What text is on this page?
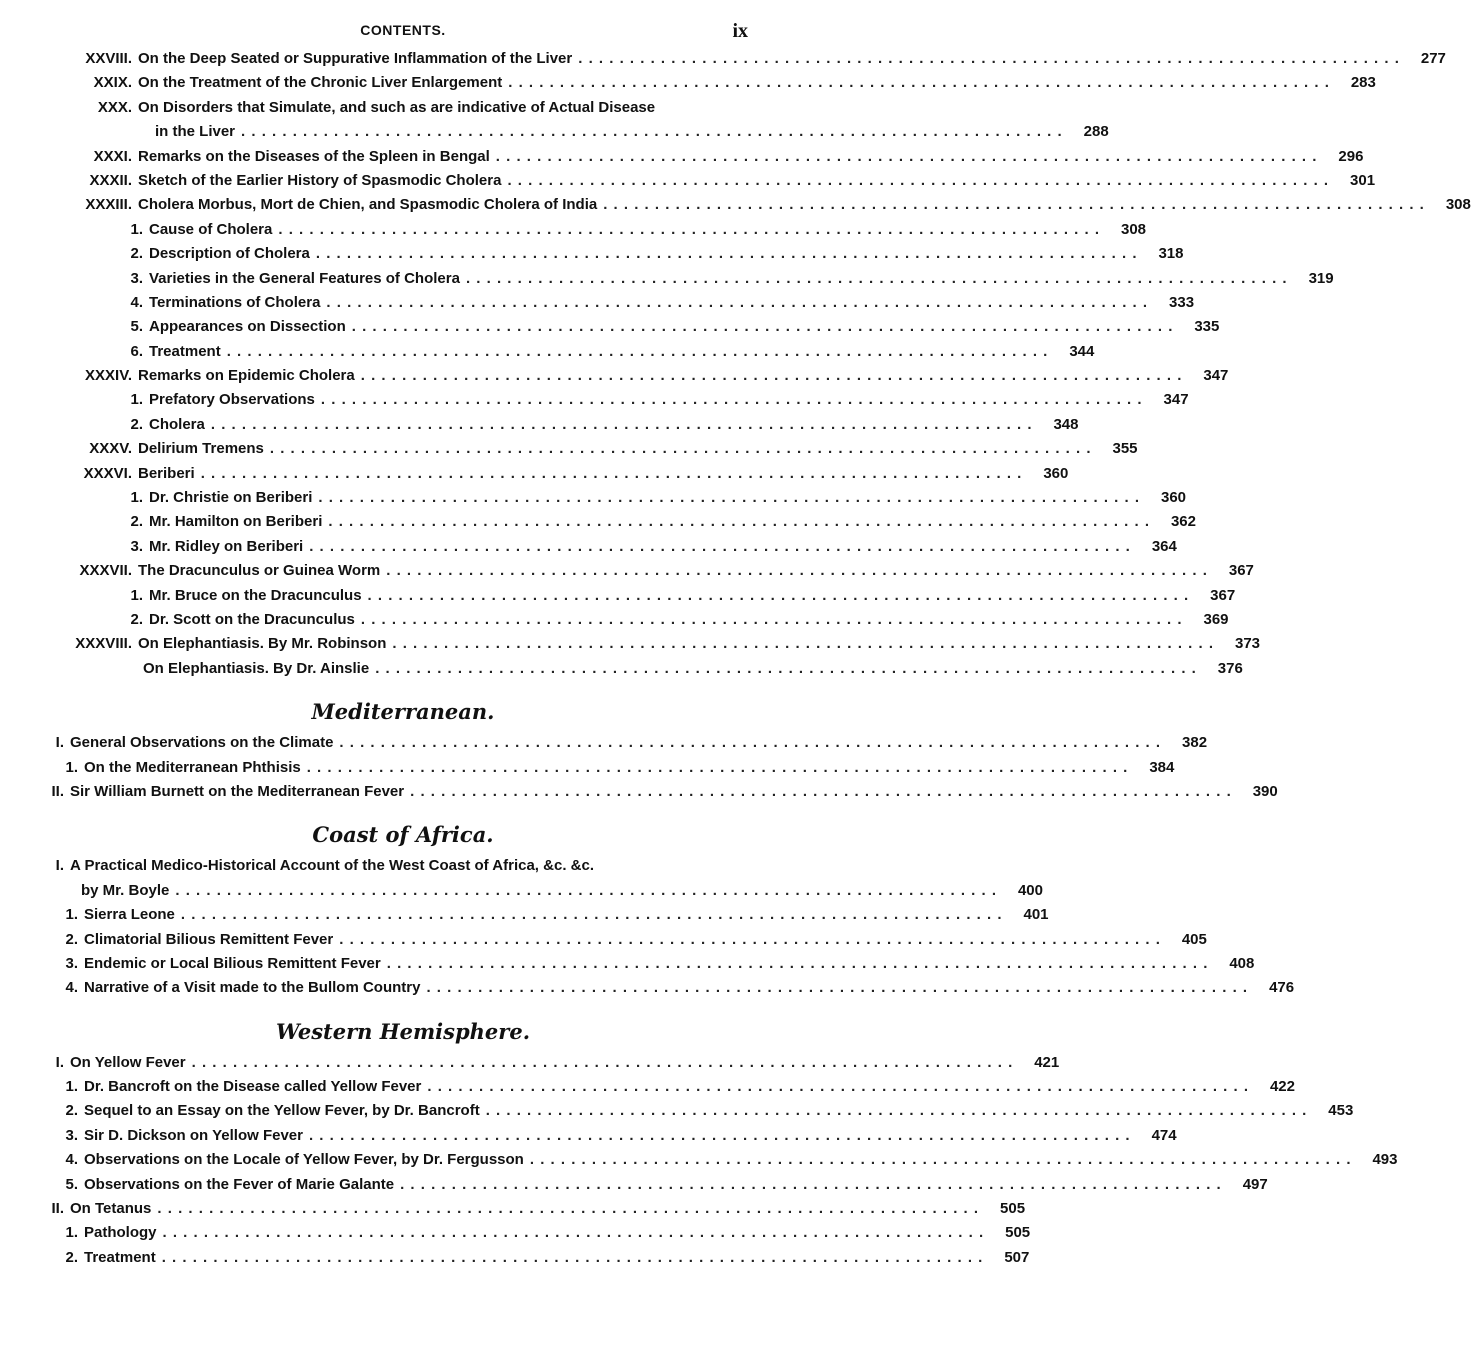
CONTENTS.	ix
XXVIII. On the Deep Seated or Suppurative Inflammation of the Liver . . .	277
XXIX. On the Treatment of the Chronic Liver Enlargement . . .	283
XXX. On Disorders that Simulate, and such as are indicative of Actual Disease
in the Liver . . .	288
XXXI. Remarks on the Diseases of the Spleen in Bengal . . .	296
XXXII. Sketch of the Earlier History of Spasmodic Cholera . . .	301
XXXIII. Cholera Morbus, Mort de Chien, and Spasmodic Cholera of India . . .	308
1. Cause of Cholera . . .	308
2. Description of Cholera . . .	318
3. Varieties in the General Features of Cholera . . .	319
4. Terminations of Cholera . . .	333
5. Appearances on Dissection . . .	335
6. Treatment . . .	344
XXXIV. Remarks on Epidemic Cholera . . .	347
1. Prefatory Observations . . .	347
2. Cholera . . .	348
XXXV. Delirium Tremens . . .	355
XXXVI. Beriberi . . .	360
1. Dr. Christie on Beriberi . . .	360
2. Mr. Hamilton on Beriberi . . .	362
3. Mr. Ridley on Beriberi . . .	364
XXXVII. The Dracunculus or Guinea Worm . . .	367
1. Mr. Bruce on the Dracunculus . . .	367
2. Dr. Scott on the Dracunculus . . .	369
XXXVIII. On Elephantiasis. By Mr. Robinson . . .	373
On Elephantiasis. By Dr. Ainslie . . .	376
Mediterranean.
I. General Observations on the Climate . . .	382
1. On the Mediterranean Phthisis . . .	384
II. Sir William Burnett on the Mediterranean Fever . . .	390
Coast of Africa.
I. A Practical Medico-Historical Account of the West Coast of Africa, &c. &c.
by Mr. Boyle . . .	400
1. Sierra Leone . . .	401
2. Climatorial Bilious Remittent Fever . . .	405
3. Endemic or Local Bilious Remittent Fever . . .	408
4. Narrative of a Visit made to the Bullom Country . . .	476
Western Hemisphere.
I. On Yellow Fever . . .	421
1. Dr. Bancroft on the Disease called Yellow Fever . . .	422
2. Sequel to an Essay on the Yellow Fever, by Dr. Bancroft . . .	453
3. Sir D. Dickson on Yellow Fever . . .	474
4. Observations on the Locale of Yellow Fever, by Dr. Fergusson . . .	493
5. Observations on the Fever of Marie Galante . . .	497
II. On Tetanus . . .	505
1. Pathology . . .	505
2. Treatment . . .	507
